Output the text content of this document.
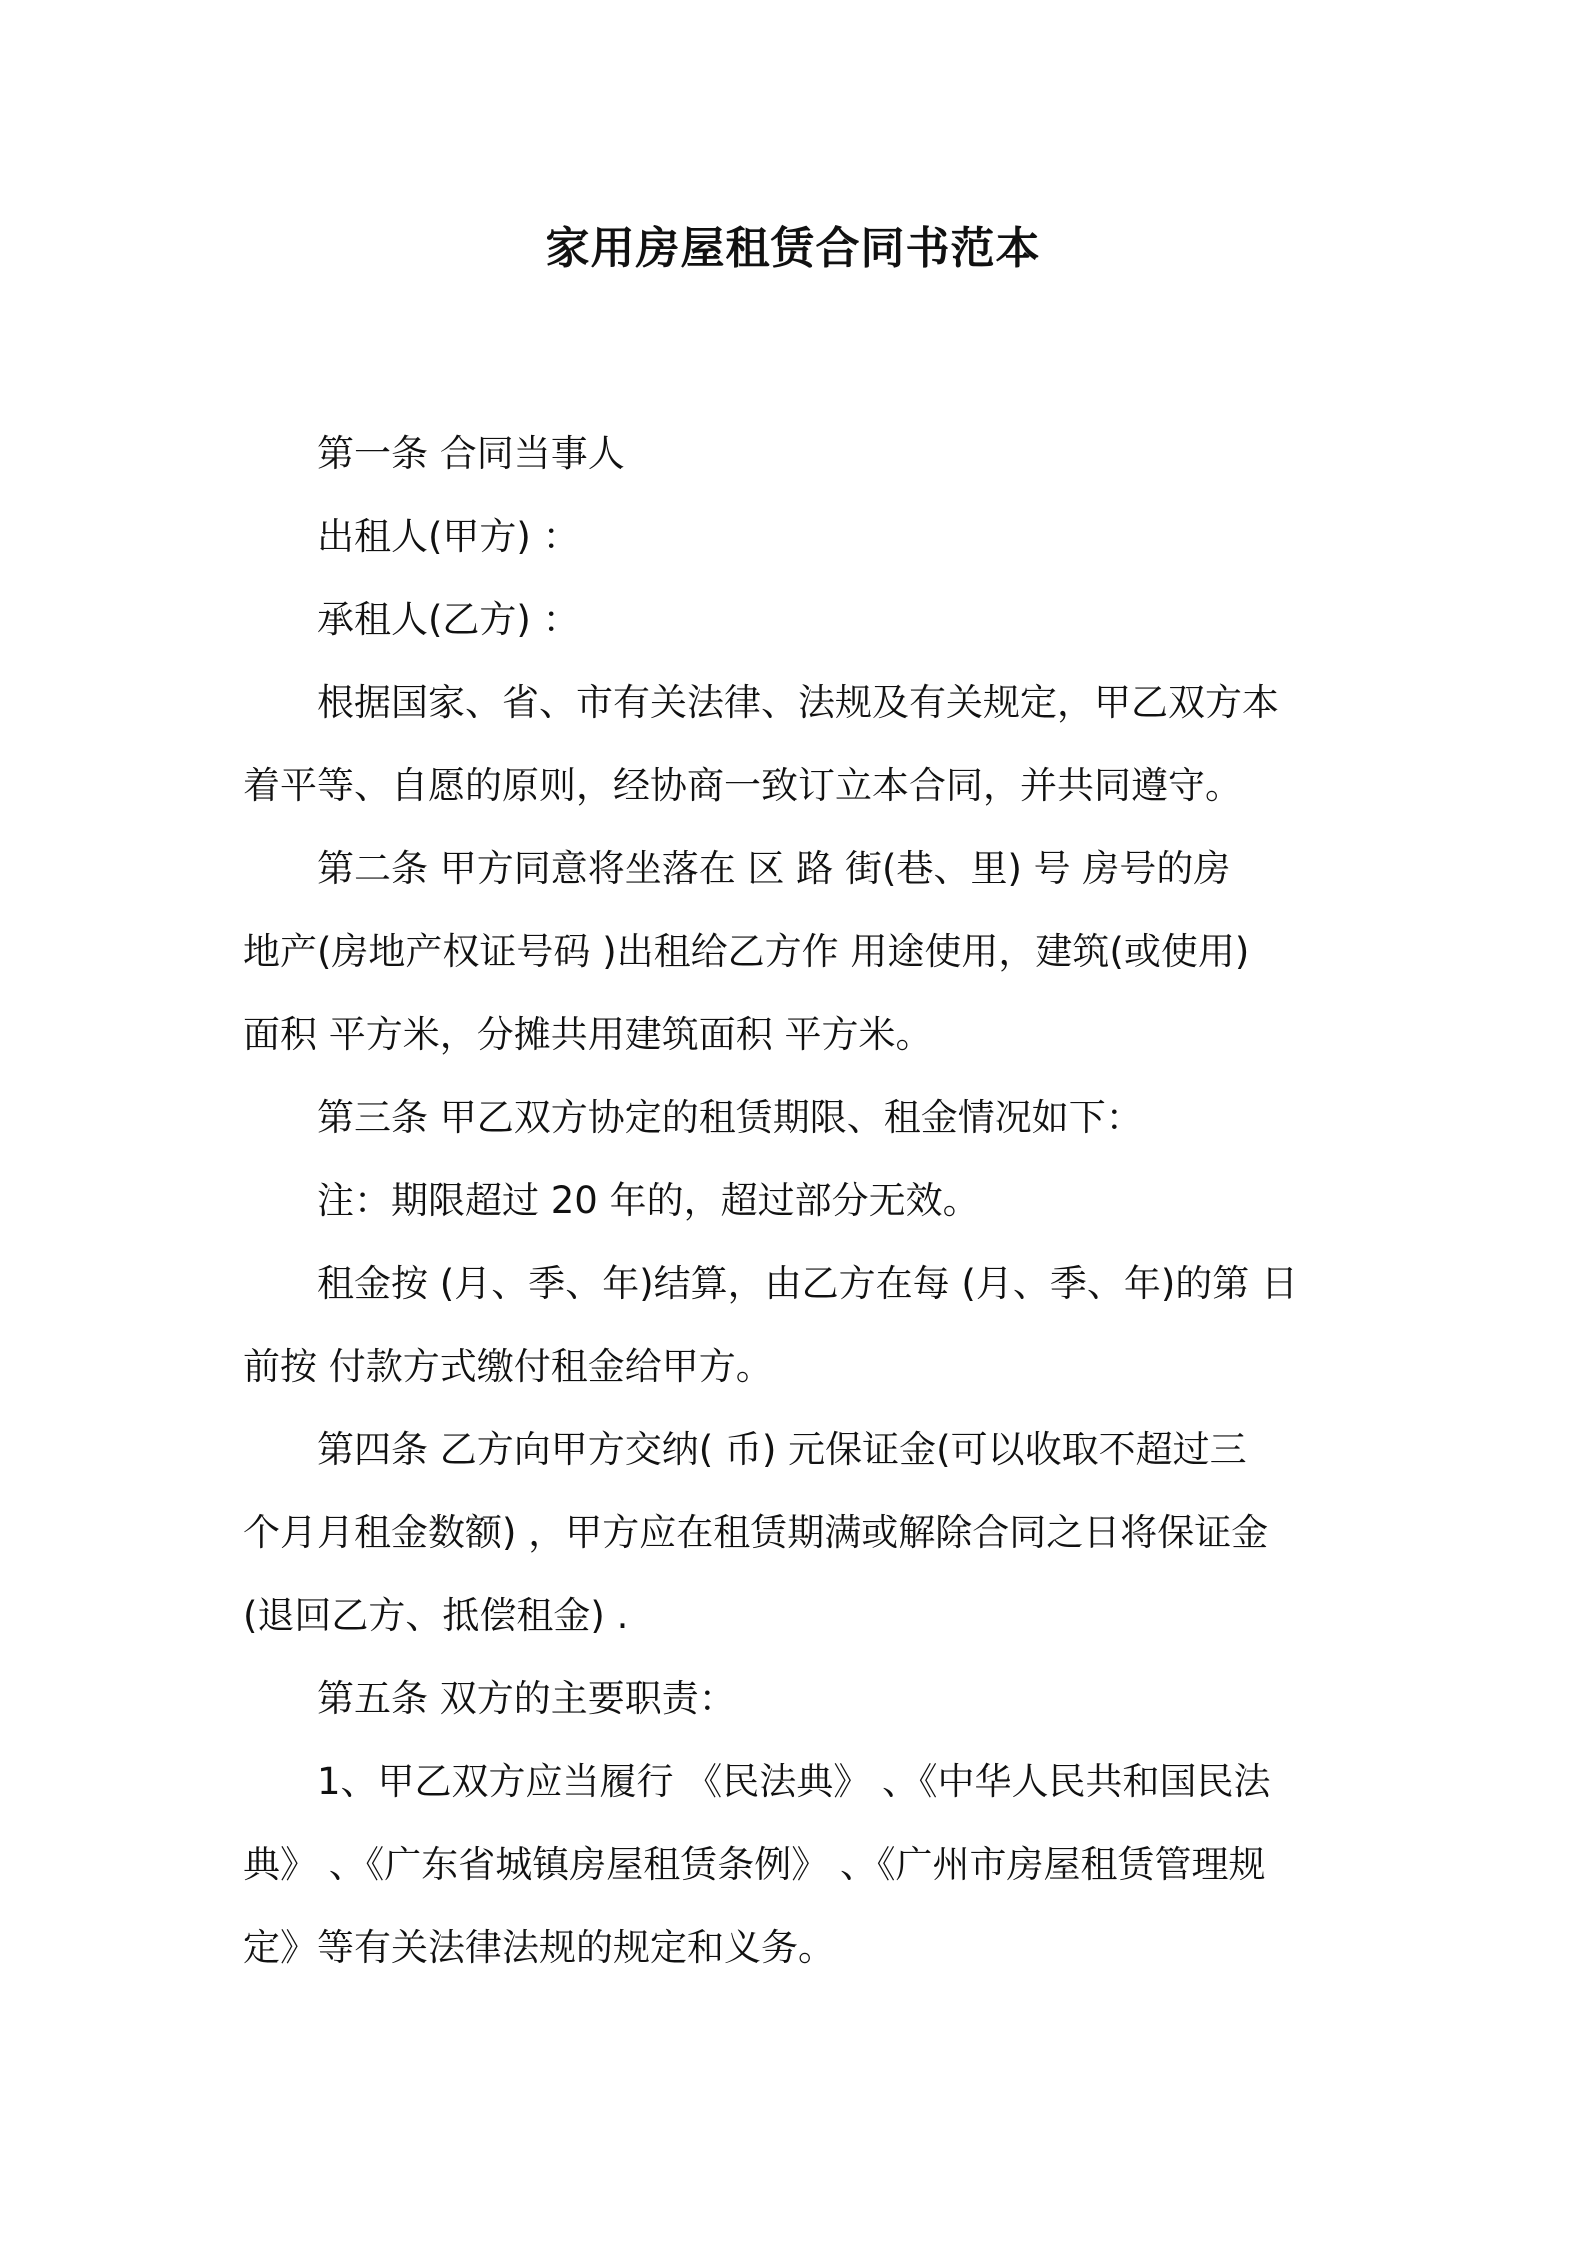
家用房屋租赁合同书范本
第一条 合同当事人
出租人(甲方) ：
承租人(乙方) ：
根据国家、省、市有关法律、法规及有关规定，甲乙双方本
着平等、自愿的原则，经协商一致订立本合同，并共同遵守。
第二条 甲方同意将坐落在 区 路 街(巷、里) 号 房号的房
地产(房地产权证号码 )出租给乙方作 用途使用，建筑(或使用)
面积 平方米，分摊共用建筑面积 平方米。
第三条 甲乙双方协定的租赁期限、租金情况如下：
注：期限超过 20 年的，超过部分无效。
租金按 (月、季、年)结算，由乙方在每 (月、季、年)的第 日
前按 付款方式缴付租金给甲方。
第四条 乙方向甲方交纳( 币) 元保证金(可以收取不超过三
个月月租金数额) ，甲方应在租赁期满或解除合同之日将保证金
(退回乙方、抵偿租金) .
第五条 双方的主要职责：
1、甲乙双方应当履行 《民法典》 、《中华人民共和国民法
典》 、《广东省城镇房屋租赁条例》 、《广州市房屋租赁管理规
定》等有关法律法规的规定和义务。
